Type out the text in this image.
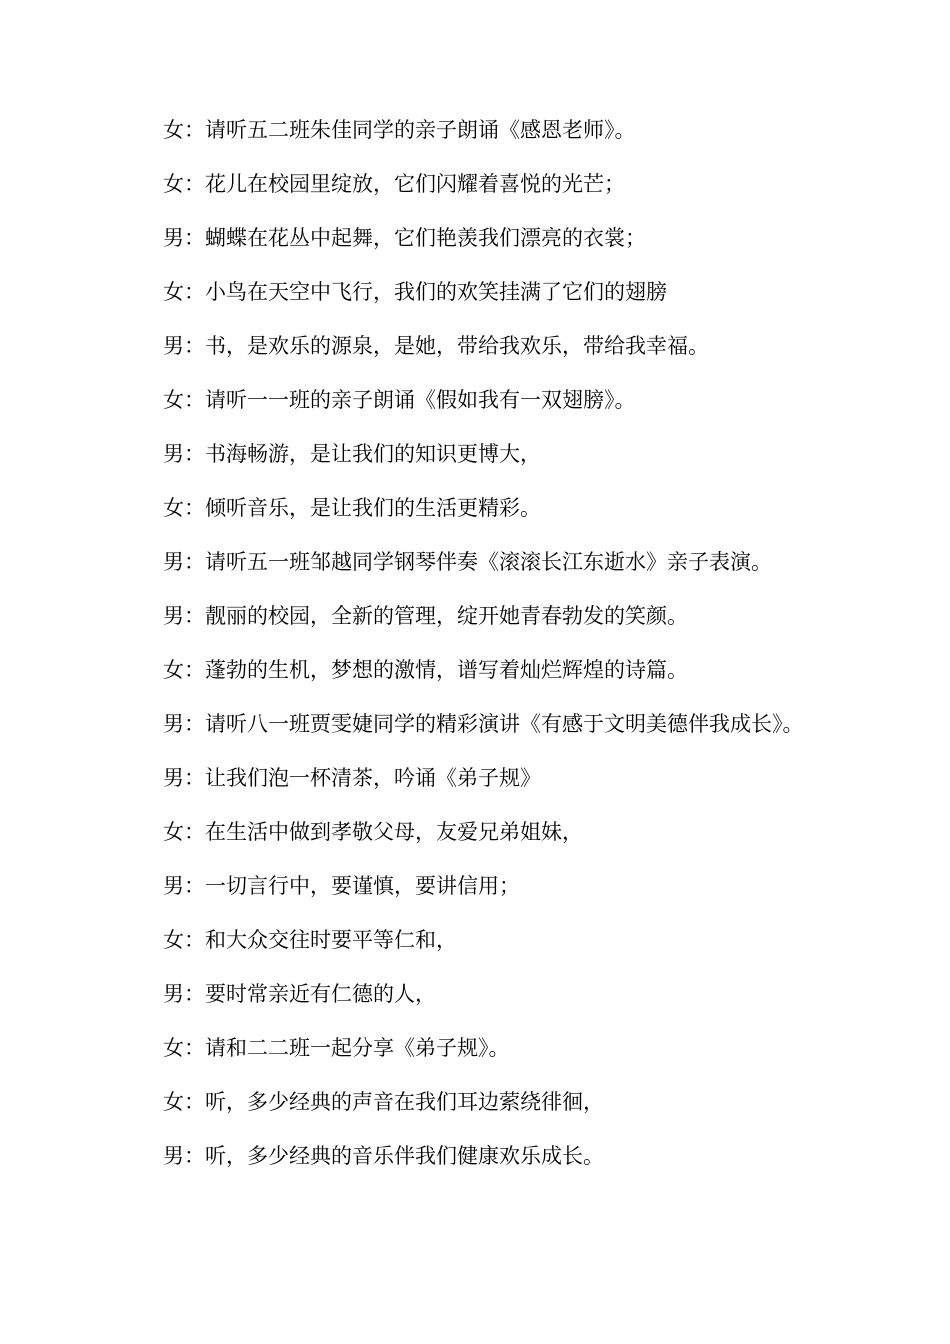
女：请听五二班朱佳同学的亲子朗诵《感恩老师》。

女：花儿在校园里绽放，它们闪耀着喜悦的光芒；

男：蝴蝶在花丛中起舞，它们艳羡我们漂亮的衣裳；

女：小鸟在天空中飞行，我们的欢笑挂满了它们的翅膀

男：书，是欢乐的源泉，是她，带给我欢乐，带给我幸福。

女：请听一一班的亲子朗诵《假如我有一双翅膀》。

男：书海畅游，是让我们的知识更博大，

女：倾听音乐，是让我们的生活更精彩。

男：请听五一班邹越同学钢琴伴奏《滚滚长江东逝水》亲子表演。

男：靓丽的校园，全新的管理，绽开她青春勃发的笑颜。

女：蓬勃的生机，梦想的激情，谱写着灿烂辉煌的诗篇。

男：请听八一班贾雯婕同学的精彩演讲《有感于文明美德伴我成长》。

男：让我们泡一杯清茶，吟诵《弟子规》

女：在生活中做到孝敬父母，友爱兄弟姐妹，

男：一切言行中，要谨慎，要讲信用；

女：和大众交往时要平等仁和，

男：要时常亲近有仁德的人，

女：请和二二班一起分享《弟子规》。

女：听，多少经典的声音在我们耳边萦绕徘徊，

男：听，多少经典的音乐伴我们健康欢乐成长。
